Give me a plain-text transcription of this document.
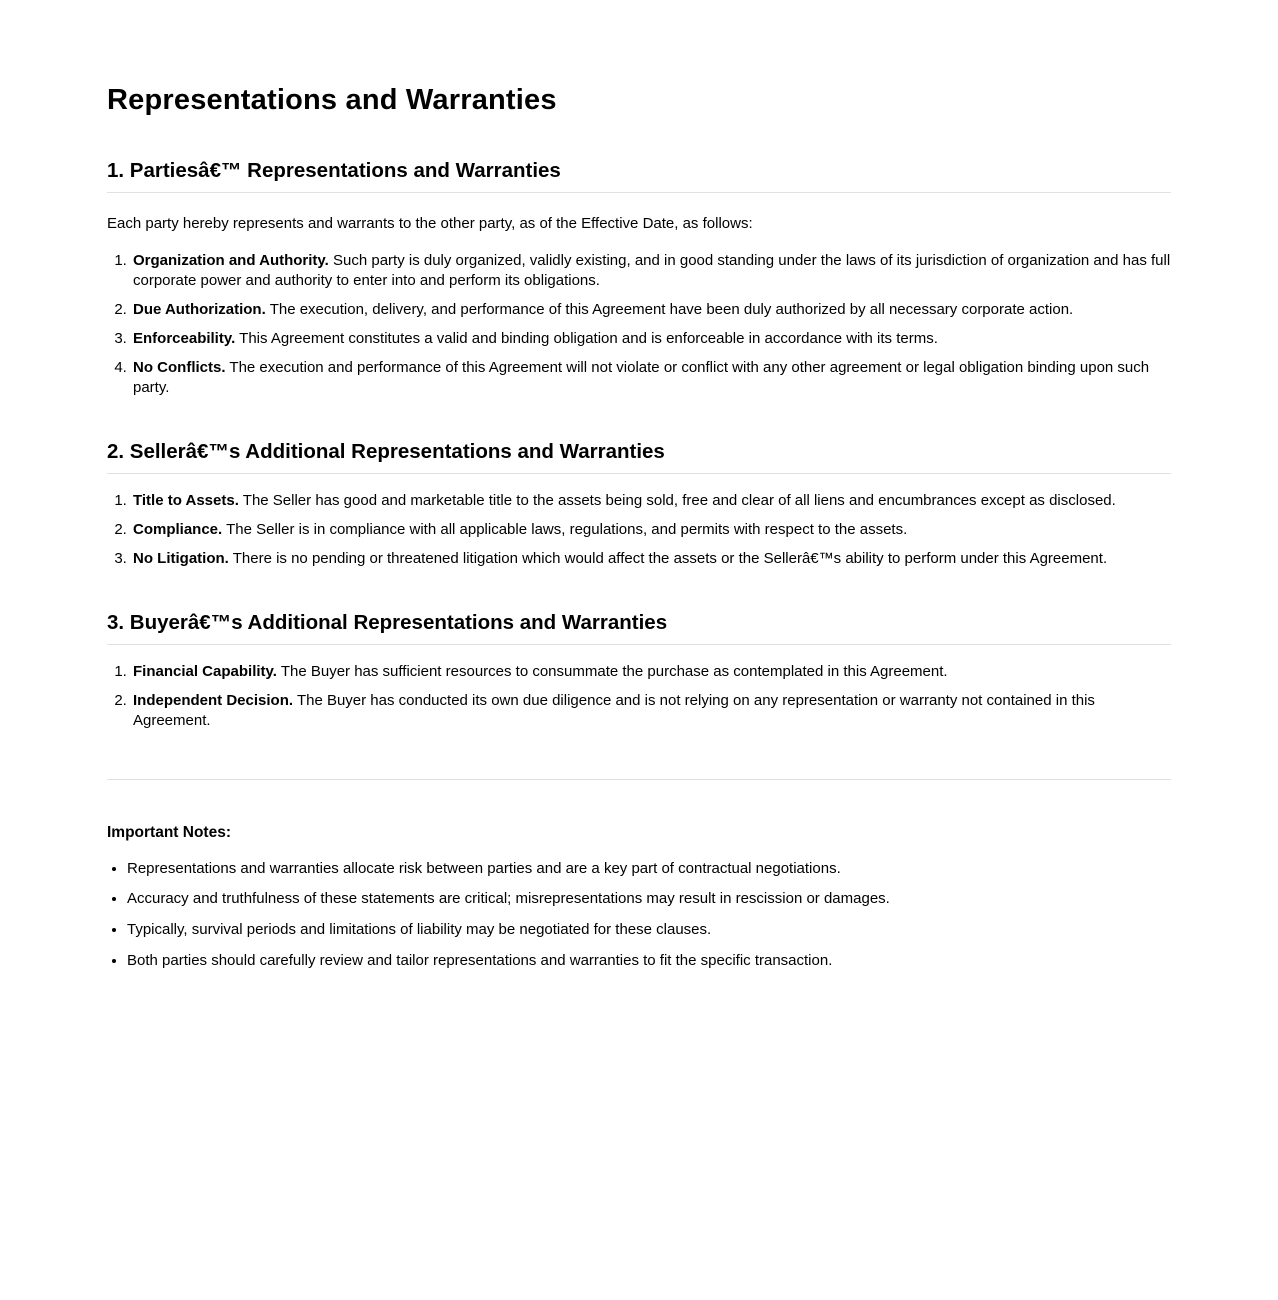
Representations and Warranties
1. Partiesâ€™ Representations and Warranties

Each party hereby represents and warrants to the other party, as of the Effective Date, as follows:

1. Organization and Authority. Such party is duly organized, validly existing, and in good standing under the laws of its jurisdiction of organization and has full corporate power and authority to enter into and perform its obligations.
2. Due Authorization. The execution, delivery, and performance of this Agreement have been duly authorized by all necessary corporate action.
3. Enforceability. This Agreement constitutes a valid and binding obligation and is enforceable in accordance with its terms.
4. No Conflicts. The execution and performance of this Agreement will not violate or conflict with any other agreement or legal obligation binding upon such party.
2. Sellerâ€™s Additional Representations and Warranties
1. Title to Assets. The Seller has good and marketable title to the assets being sold, free and clear of all liens and encumbrances except as disclosed.
2. Compliance. The Seller is in compliance with all applicable laws, regulations, and permits with respect to the assets.
3. No Litigation. There is no pending or threatened litigation which would affect the assets or the Sellerâ€™s ability to perform under this Agreement.
3. Buyerâ€™s Additional Representations and Warranties
1. Financial Capability. The Buyer has sufficient resources to consummate the purchase as contemplated in this Agreement.
2. Independent Decision. The Buyer has conducted its own due diligence and is not relying on any representation or warranty not contained in this Agreement.
Important Notes:
• Representations and warranties allocate risk between parties and are a key part of contractual negotiations.
• Accuracy and truthfulness of these statements are critical; misrepresentations may result in rescission or damages.
• Typically, survival periods and limitations of liability may be negotiated for these clauses.
• Both parties should carefully review and tailor representations and warranties to fit the specific transaction.
